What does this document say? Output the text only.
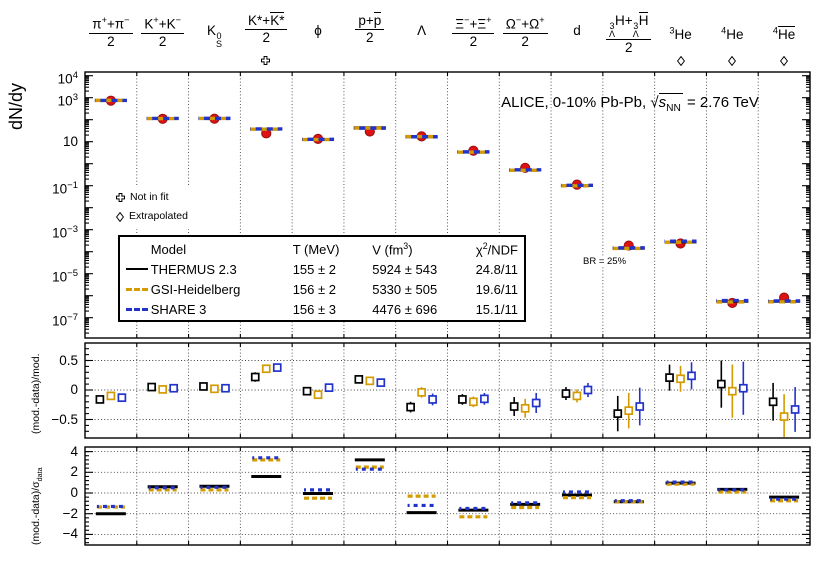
$\frac{\pi^++\pi^-}{2} \frac{K^++K^-}{2}$	K 0
S $\frac{K*+K*}{2}$	ϕ	$\frac{p+p}{2}$	Λ	$\frac{\Xi^-+\Xi^+}{2} \frac{\Omega^-+\Omega^+}{2}$	d	3
Λ
H+ 3
Λ
H
2	$^3$He	$^4$He	$^4$He
$10^4$
$10^3$
10
$10^{-1}$
$10^{-3}$
$10^{-5}$
$10^{-7}$
0.5
0
−0.5
4
2
0
−2
−4
dN/dy
(mod.-data)/mod.
$(mod.-data)/\sigma_{data}$
ALICE, 0-10% Pb-Pb, $√s_{NN} = 2.76$ TeV
Not in fit
Extrapolated
BR = 25%
Model	T (MeV)	V $(fm^3)$	$\chi^2$/NDF
THERMUS 2.3	155 ± 2	5924 ± 543	24.8/11
GSI-Heidelberg	156 ± 2	5330 ± 505	19.6/11
SHARE 3	156 ± 3	4476 ± 696	15.1/11
